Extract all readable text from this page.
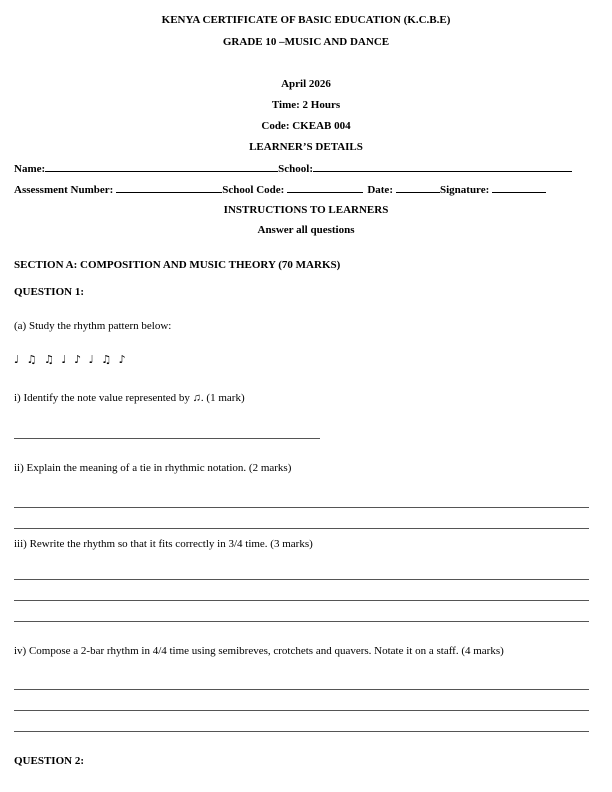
KENYA CERTIFICATE OF BASIC EDUCATION (K.C.B.E)
GRADE 10 –MUSIC AND DANCE
April 2026
Time: 2 Hours
Code: CKEAB 004
LEARNER’S DETAILS
Name:	School:
Assessment Number:	School Code:	Date:	Signature:
INSTRUCTIONS TO LEARNERS
Answer all questions
SECTION A: COMPOSITION AND MUSIC THEORY (70 MARKS)
QUESTION 1:
(a) Study the rhythm pattern below:
♩ ♫ ♫ ♩ ♪ ♩ ♫ ♪
i) Identify the note value represented by ♫. (1 mark)
ii) Explain the meaning of a tie in rhythmic notation. (2 marks)
iii) Rewrite the rhythm so that it fits correctly in 3/4 time. (3 marks)
iv) Compose a 2-bar rhythm in 4/4 time using semibreves, crotchets and quavers. Notate it on a staff. (4 marks)
QUESTION 2:
